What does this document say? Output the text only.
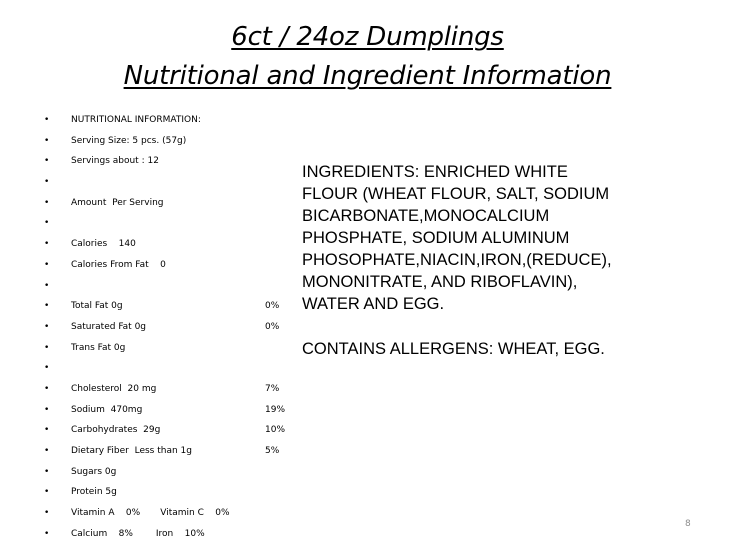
6ct / 24oz Dumplings
Nutritional and Ingredient Information
• NUTRITIONAL INFORMATION:
• Serving Size: 5 pcs. (57g)
• Servings about : 12
•
• Amount  Per Serving
•
• Calories    140
• Calories From Fat    0
•
• Total Fat 0g	0%
• Saturated Fat 0g	0%
• Trans Fat 0g
•
• Cholesterol  20 mg	7%
• Sodium  470mg	19%
• Carbohydrates  29g	10%
• Dietary Fiber  Less than 1g	5%
• Sugars 0g
• Protein 5g
• Vitamin A    0%       Vitamin C    0%
• Calcium    8%        Iron    10%
INGREDIENTS: ENRICHED WHITE
FLOUR (WHEAT FLOUR, SALT, SODIUM
BICARBONATE,MONOCALCIUM
PHOSPHATE, SODIUM ALUMINUM
PHOSOPHATE,NIACIN,IRON,(REDUCE),
MONONITRATE, AND RIBOFLAVIN),
WATER AND EGG.
CONTAINS ALLERGENS: WHEAT, EGG.
8
